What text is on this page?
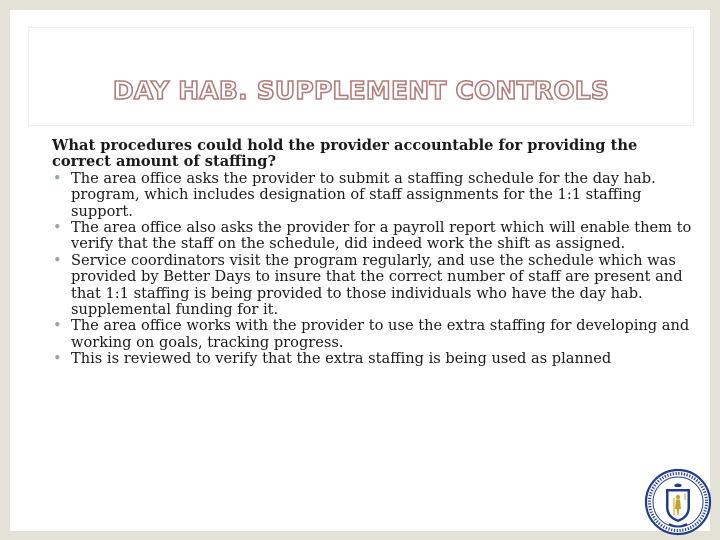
DAY HAB. SUPPLEMENT CONTROLS

What procedures could hold the provider accountable for providing the correct amount of staffing?

• The area office asks the provider to submit a staffing schedule for the day hab. program, which includes designation of staff assignments for the 1:1 staffing support.
• The area office also asks the provider for a payroll report which will enable them to verify that the staff on the schedule, did indeed work the shift as assigned.
• Service coordinators visit the program regularly, and use the schedule which was provided by Better Days to insure that the correct number of staff are present and that 1:1 staffing is being provided to those individuals who have the day hab. supplemental funding for it.
• The area office works with the provider to use the extra staffing for developing and working on goals, tracking progress.
• This is reviewed to verify that the extra staffing is being used as planned
